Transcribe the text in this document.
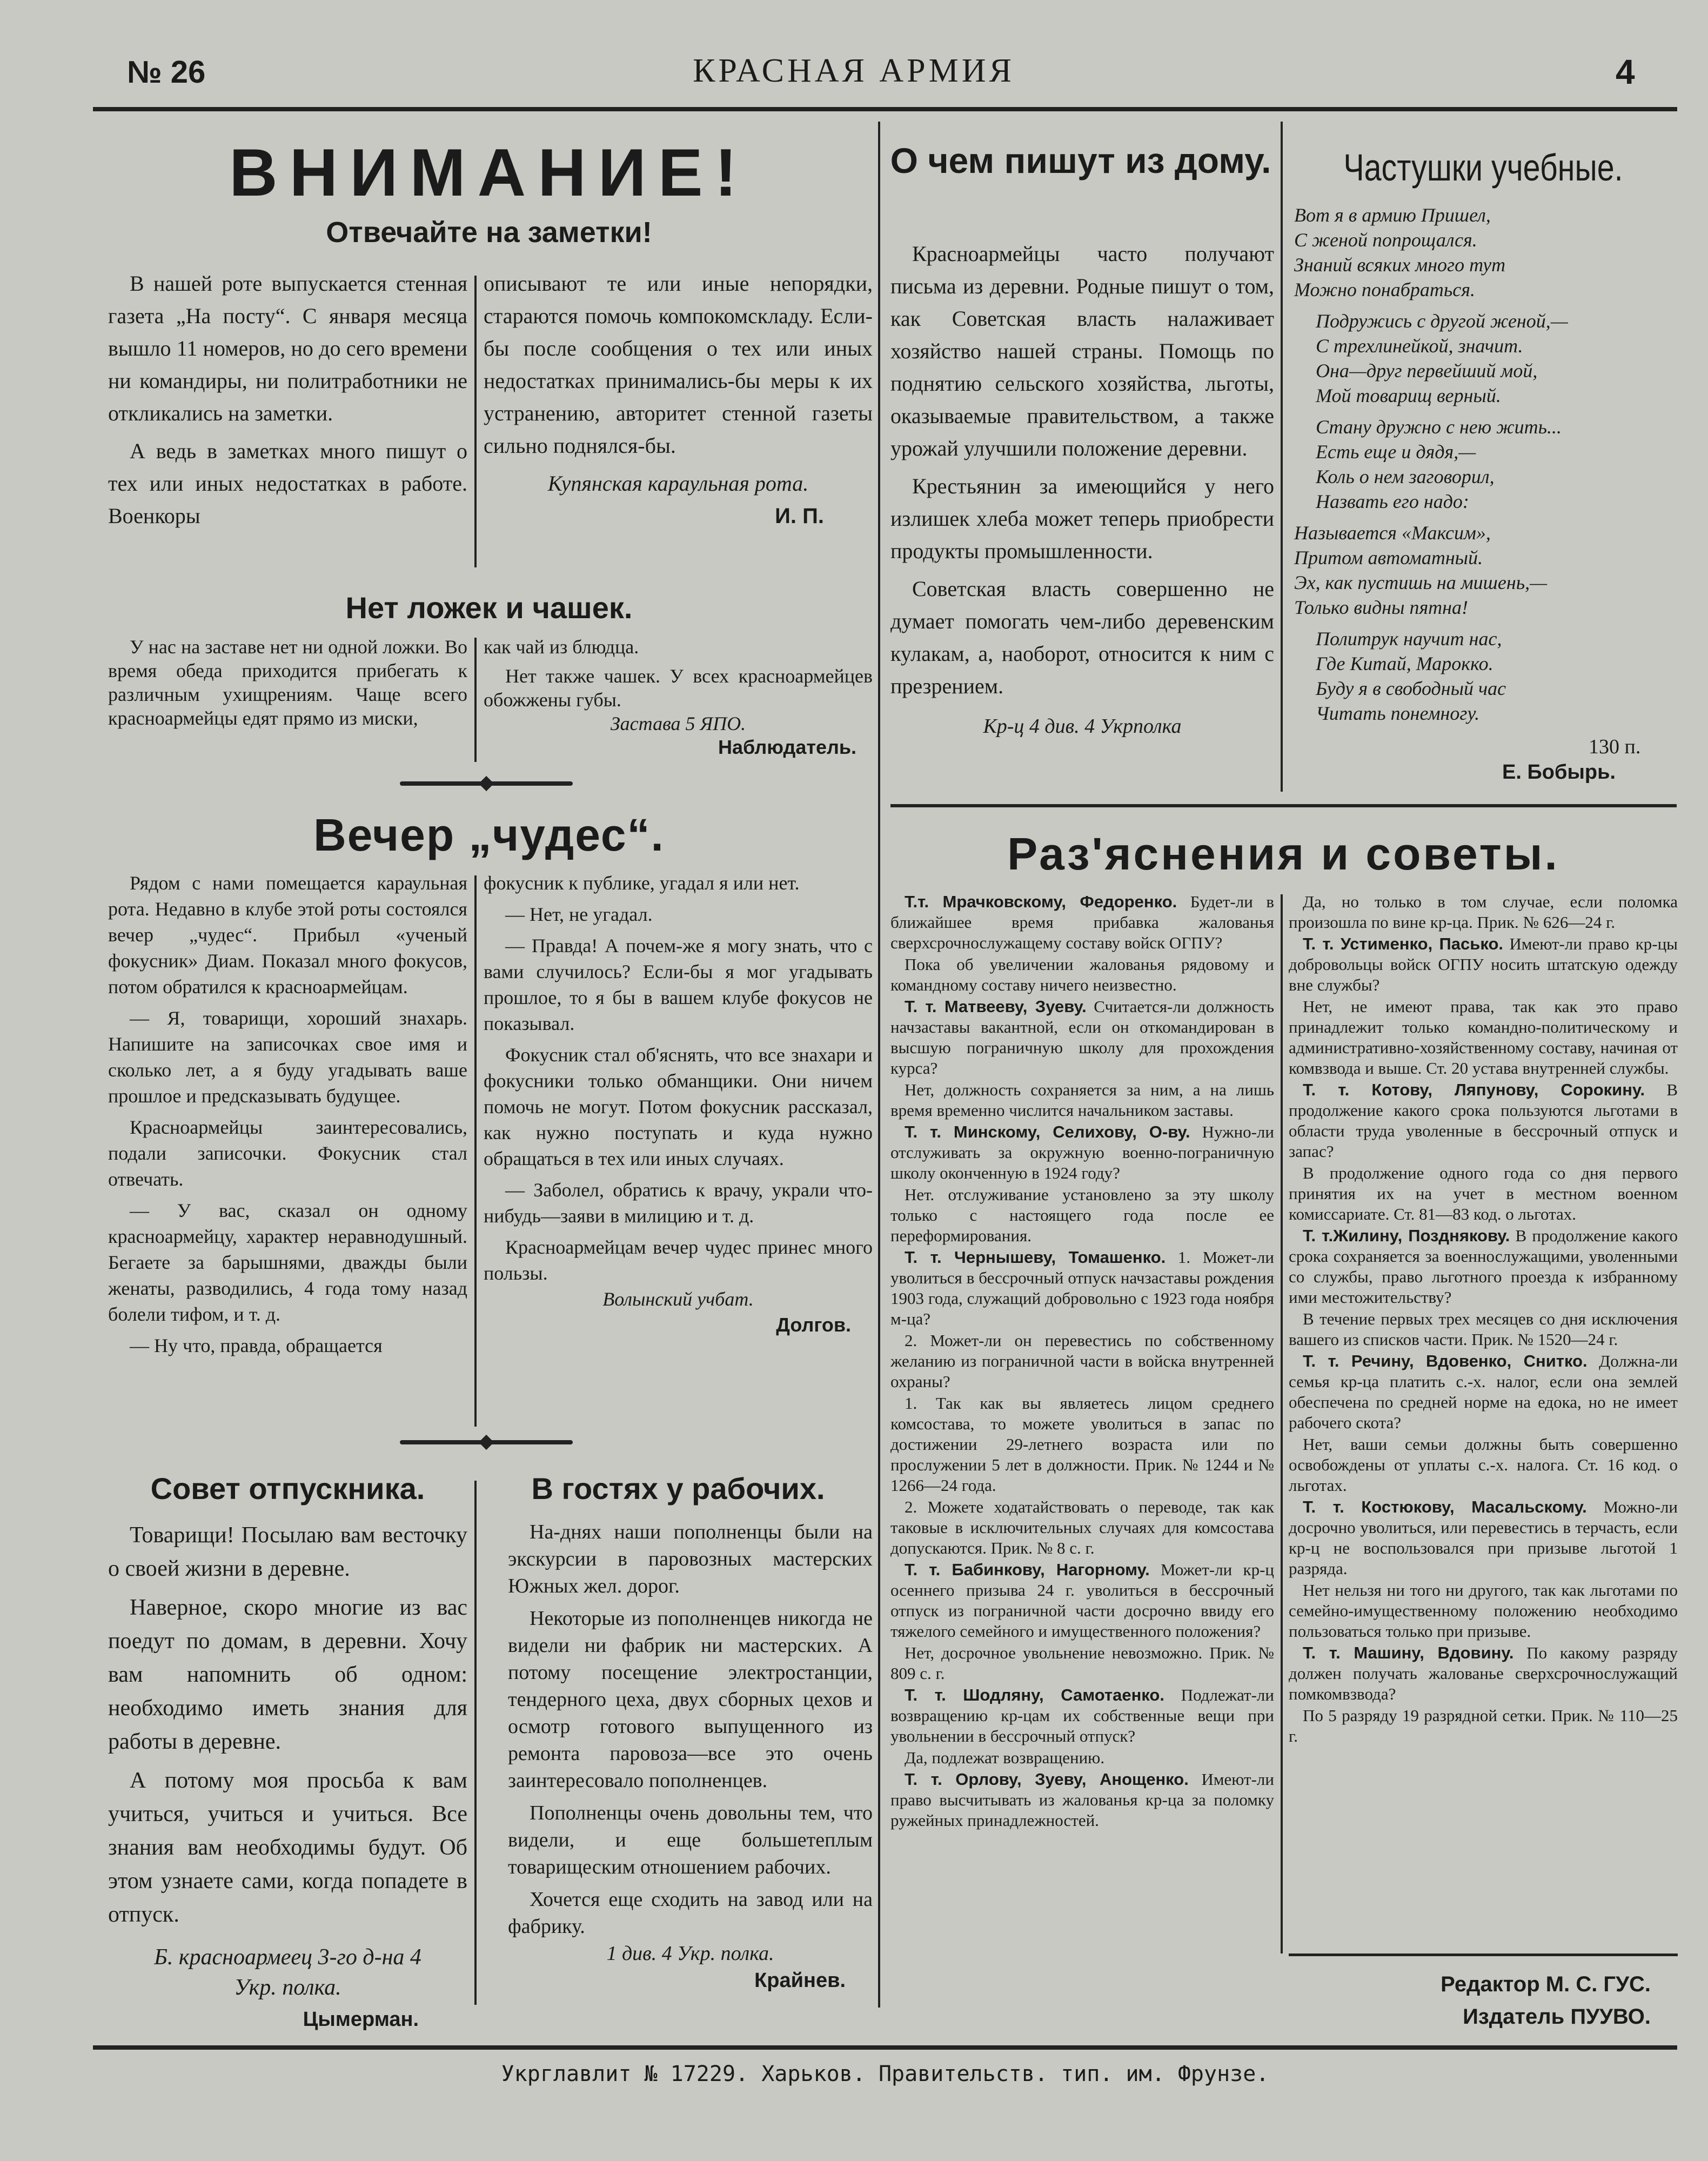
№ 26	КРАСНАЯ АРМИЯ	4
ВНИМАНИЕ!
Отвечайте на заметки!

В нашей роте выпускается стенная газета „На посту“. С января месяца вышло 11 номеров, но до сего времени ни командиры, ни политработники не откликались на заметки.

А ведь в заметках много пишут о тех или иных недостатках в работе. Военкоры

описывают те или иные непорядки, стараются помочь компокомскладу. Если-бы после сообщения о тех или иных недостатках принимались-бы меры к их устранению, авторитет стенной газеты сильно поднялся-бы.

Купянская караульная рота.
И. П.
Нет ложек и чашек.

У нас на заставе нет ни одной ложки. Во время обеда приходится прибегать к различным ухищрениям. Чаще всего красноармейцы едят прямо из миски,

как чай из блюдца.

Нет также чашек. У всех красноармейцев обожжены губы.

Застава 5 ЯПО.
Наблюдатель.
О чем пишут из дому.

Красноармейцы часто получают письма из деревни. Родные пишут о том, как Советская власть налаживает хозяйство нашей страны. Помощь по поднятию сельского хозяйства, льготы, оказываемые правительством, а также урожай улучшили положение деревни.

Крестьянин за имеющийся у него излишек хлеба может теперь приобрести продукты промышленности.

Советская власть совершенно не думает помогать чем-либо деревенским кулакам, а, наоборот, относится к ним с презрением.

Кр-ц 4 див. 4 Укрполка
Частушки учебные.
Вот я в армию Пришел,
С женой попрощался.
Знаний всяких много тут
Можно понабраться.
Подружись с другой женой,—
С трехлинейкой, значит.
Она—друг первейший мой,
Мой товарищ верный.
Стану дружно с нею жить...
Есть еще и дядя,—
Коль о нем заговорил,
Назвать его надо:
Называется «Максим»,
Притом автоматный.
Эх, как пустишь на мишень,—
Только видны пятна!
Политрук научит нас,
Где Китай, Марокко.
Буду я в свободный час
Читать понемногу.
130 п.
Е. Бобырь.
Вечер „чудес“.

Рядом с нами помещается караульная рота. Недавно в клубе этой роты состоялся вечер „чудес“. Прибыл «ученый фокусник» Диам. Показал много фокусов, потом обратился к красноармейцам.

— Я, товарищи, хороший знахарь. Напишите на записочках свое имя и сколько лет, а я буду угадывать ваше прошлое и предсказывать будущее.

Красноармейцы заинтересовались, подали записочки. Фокусник стал отвечать.

— У вас, сказал он одному красноармейцу, характер неравнодушный. Бегаете за барышнями, дважды были женаты, разводились, 4 года тому назад болели тифом, и т. д.

— Ну что, правда, обращается

фокусник к публике, угадал я или нет.

— Нет, не угадал.

— Правда! А почем-же я могу знать, что с вами случилось? Если-бы я мог угадывать прошлое, то я бы в вашем клубе фокусов не показывал.

Фокусник стал об'яснять, что все знахари и фокусники только обманщики. Они ничем помочь не могут. Потом фокусник рассказал, как нужно поступать и куда нужно обращаться в тех или иных случаях.

— Заболел, обратись к врачу, украли что-нибудь—заяви в милицию и т. д.

Красноармейцам вечер чудес принес много пользы.

Волынский учбат.
Долгов.
Совет отпускника.

Товарищи! Посылаю вам весточку о своей жизни в деревне.

Наверное, скоро многие из вас поедут по домам, в деревни. Хочу вам напомнить об одном: необходимо иметь знания для работы в деревне.

А потому моя просьба к вам учиться, учиться и учиться. Все знания вам необходимы будут. Об этом узнаете сами, когда попадете в отпуск.

Б. красноармеец 3-го д-на 4 Укр. полка.
Цымерман.
В гостях у рабочих.

На-днях наши пополненцы были на экскурсии в паровозных мастерских Южных жел. дорог.

Некоторые из пополненцев никогда не видели ни фабрик ни мастерских. А потому посещение электростанции, тендерного цеха, двух сборных цехов и осмотр готового выпущенного из ремонта паровоза—все это очень заинтересовало пополненцев.

Пополненцы очень довольны тем, что видели, и еще большетеплым товарищеским отношением рабочих.

Хочется еще сходить на завод или на фабрику.

1 див. 4 Укр. полка.
Крайнев.
Раз'яснения и советы.

Т.т. Мрачковскому, Федоренко. Будет-ли в ближайшее время прибавка жалованья сверхсрочнослужащему составу войск ОГПУ?

Пока об увеличении жалованья рядовому и командному составу ничего неизвестно.

Т. т. Матвееву, Зуеву. Считается-ли должность начзаставы вакантной, если он откомандирован в высшую пограничную школу для прохождения курса?

Нет, должность сохраняется за ним, а на лишь время временно числится начальником заставы.

Т. т. Минскому, Селихову, О-ву. Нужно-ли отслуживать за окружную военно-пограничную школу оконченную в 1924 году?

Нет. отслуживание установлено за эту школу только с настоящего года после ее переформирования.

Т. т. Чернышеву, Томашенко. 1. Может-ли уволиться в бессрочный отпуск начзаставы рождения 1903 года, служащий добровольно с 1923 года ноября м-ца?

2. Может-ли он перевестись по собственному желанию из пограничной части в войска внутренней охраны?

1. Так как вы являетесь лицом среднего комсостава, то можете уволиться в запас по достижении 29-летнего возраста или по прослужении 5 лет в должности. Прик. № 1244 и № 1266—24 года.

2. Можете ходатайствовать о переводе, так как таковые в исключительных случаях для комсостава допускаются. Прик. № 8 с. г.

Т. т. Бабинкову, Нагорному. Может-ли кр-ц осеннего призыва 24 г. уволиться в бессрочный отпуск из пограничной части досрочно ввиду его тяжелого семейного и имущественного положения?

Нет, досрочное увольнение невозможно. Прик. № 809 с. г.

Т. т. Шодляну, Самотаенко. Подлежат-ли возвращению кр-цам их собственные вещи при увольнении в бессрочный отпуск?

Да, подлежат возвращению.

Т. т. Орлову, Зуеву, Анощенко. Имеют-ли право высчитывать из жалованья кр-ца за поломку ружейных принадлежностей.

Да, но только в том случае, если поломка произошла по вине кр-ца. Прик. № 626—24 г.

Т. т. Устименко, Пасько. Имеют-ли право кр-цы добровольцы войск ОГПУ носить штатскую одежду вне службы?

Нет, не имеют права, так как это право принадлежит только командно-политическому и административно-хозяйственному составу, начиная от комвзвода и выше. Ст. 20 устава внутренней службы.

Т. т. Котову, Ляпунову, Сорокину. В продолжение какого срока пользуются льготами в области труда уволенные в бессрочный отпуск и запас?

В продолжение одного года со дня первого принятия их на учет в местном военном комиссариате. Ст. 81—83 код. о льготах.

Т. т.Жилину, Позднякову. В продолжение какого срока сохраняется за военнослужащими, уволенными со службы, право льготного проезда к избранному ими местожительству?

В течение первых трех месяцев со дня исключения вашего из списков части. Прик. № 1520—24 г.

Т. т. Речину, Вдовенко, Снитко. Должна-ли семья кр-ца платить с.-х. налог, если она землей обеспечена по средней норме на едока, но не имеет рабочего скота?

Нет, ваши семьи должны быть совершенно освобождены от уплаты с.-х. налога. Ст. 16 код. о льготах.

Т. т. Костюкову, Масальскому. Можно-ли досрочно уволиться, или перевестись в терчасть, если кр-ц не воспользовался при призыве льготой 1 разряда.

Нет нельзя ни того ни другого, так как льготами по семейно-имущественному положению необходимо пользоваться только при призыве.

Т. т. Машину, Вдовину. По какому разряду должен получать жалованье сверхсрочнослужащий помкомвзвода?

По 5 разряду 19 разрядной сетки. Прик. № 110—25 г.

Редактор М. С. ГУС.
Издатель ПУУВО.
Укрглавлит № 17229. Харьков. Правительств. тип. им. Фрунзе.
